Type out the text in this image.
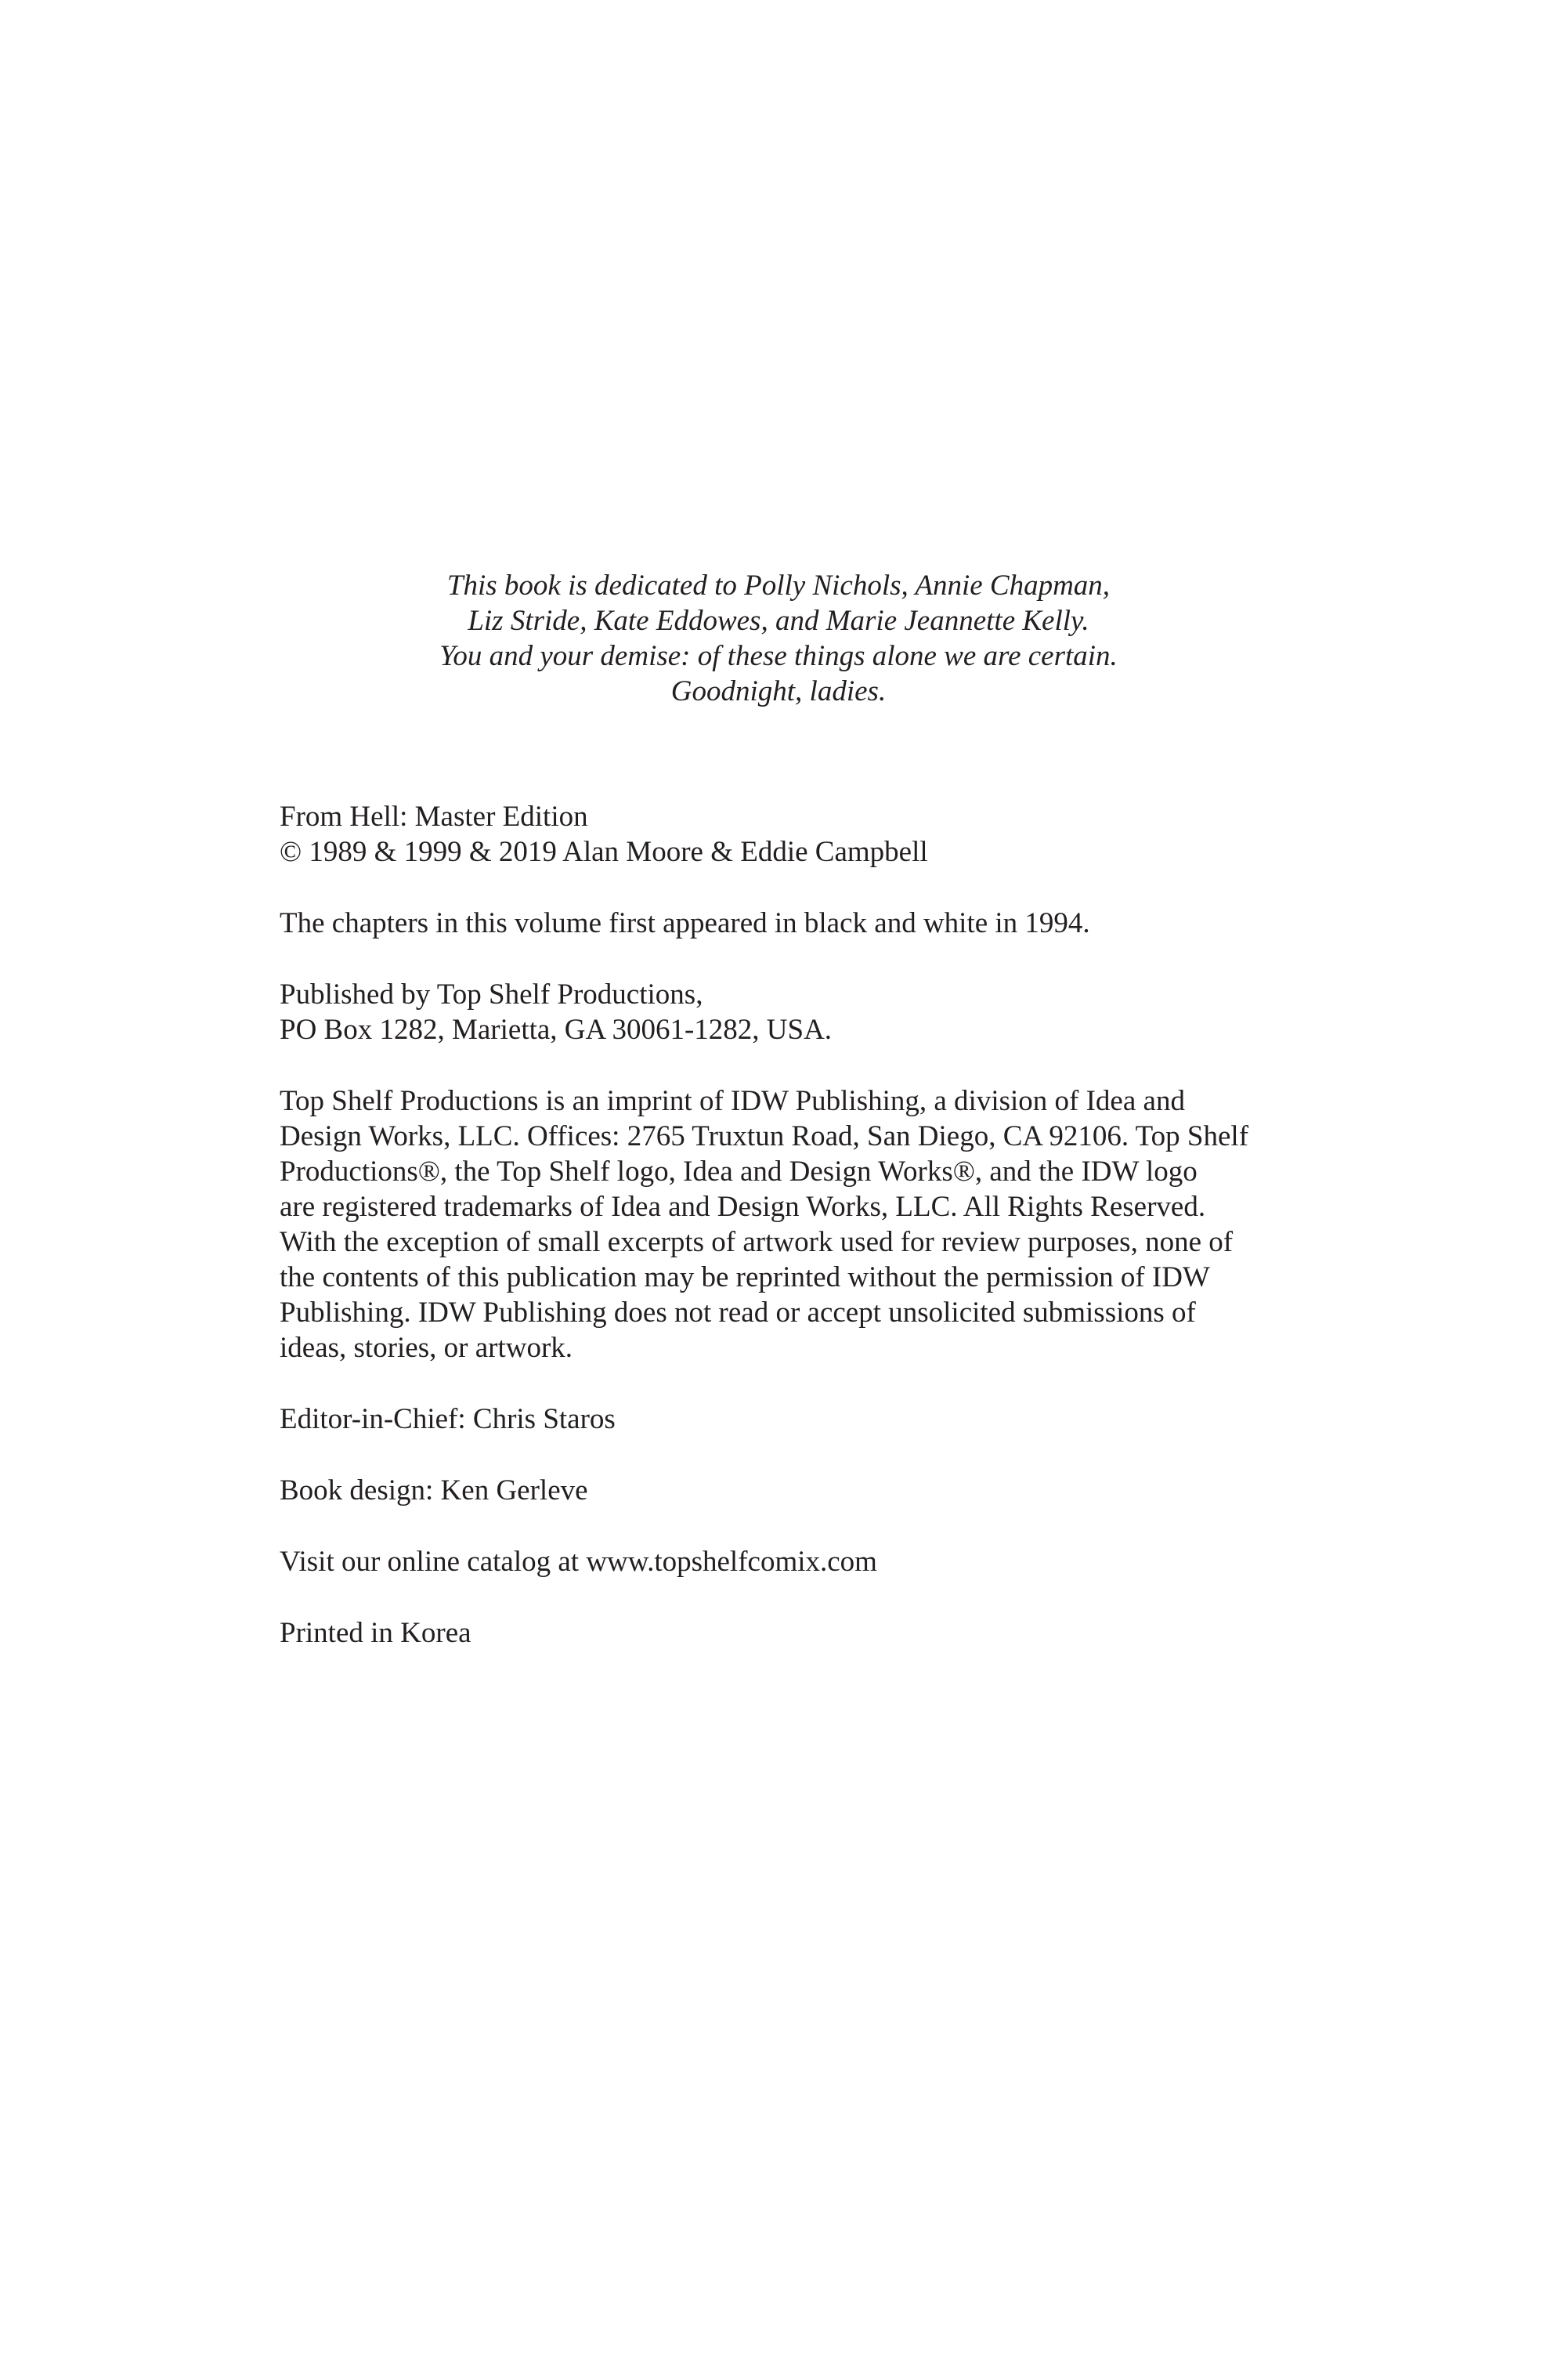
This book is dedicated to Polly Nichols, Annie Chapman,
Liz Stride, Kate Eddowes, and Marie Jeannette Kelly.
You and your demise: of these things alone we are certain.
Goodnight, ladies.
From Hell: Master Edition
© 1989 & 1999 & 2019 Alan Moore & Eddie Campbell
The chapters in this volume first appeared in black and white in 1994.
Published by Top Shelf Productions,
PO Box 1282, Marietta, GA 30061-1282, USA.
Top Shelf Productions is an imprint of IDW Publishing, a division of Idea and
Design Works, LLC. Offices: 2765 Truxtun Road, San Diego, CA 92106. Top Shelf
Productions®, the Top Shelf logo, Idea and Design Works®, and the IDW logo
are registered trademarks of Idea and Design Works, LLC. All Rights Reserved.
With the exception of small excerpts of artwork used for review purposes, none of
the contents of this publication may be reprinted without the permission of IDW
Publishing. IDW Publishing does not read or accept unsolicited submissions of
ideas, stories, or artwork.
Editor-in-Chief: Chris Staros
Book design: Ken Gerleve
Visit our online catalog at www.topshelfcomix.com
Printed in Korea
